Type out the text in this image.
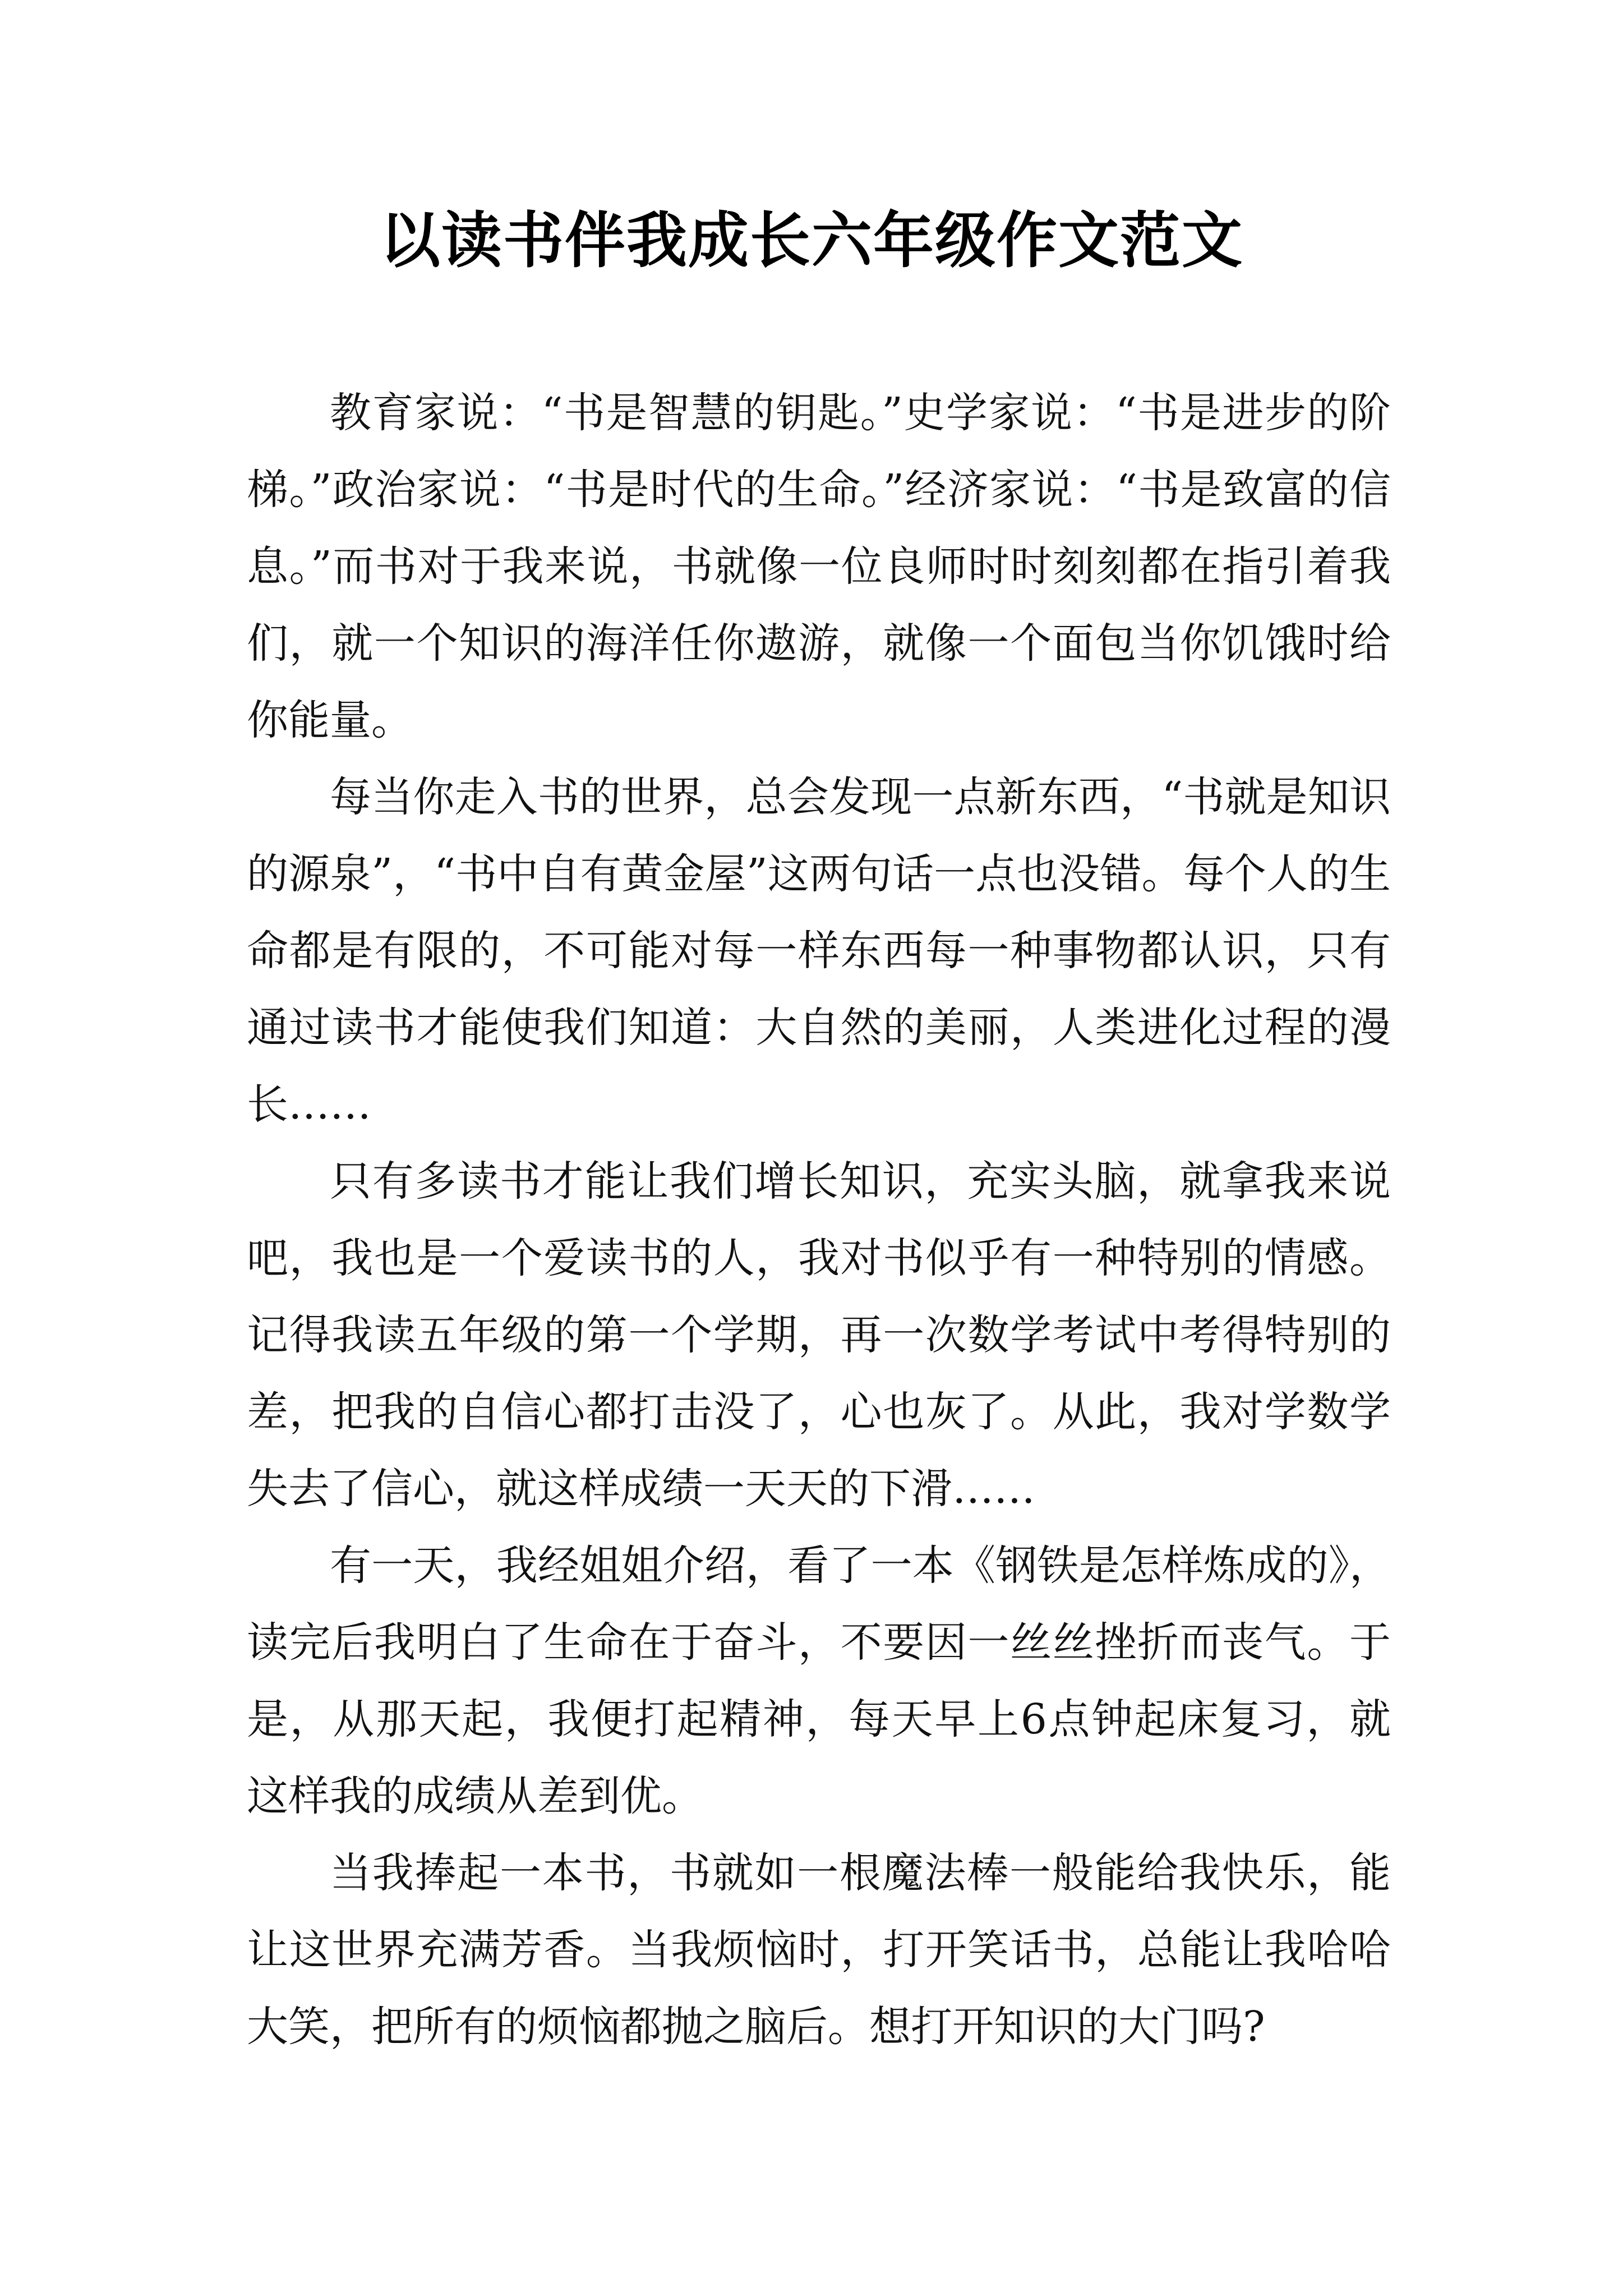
以读书伴我成长六年级作文范文

教育家说：“书是智慧的钥匙。”史学家说：“书是进步的阶梯。”政治家说：“书是时代的生命。”经济家说：“书是致富的信息。”而书对于我来说，书就像一位良师时时刻刻都在指引着我们，就一个知识的海洋任你遨游，就像一个面包当你饥饿时给你能量。

每当你走入书的世界，总会发现一点新东西，“书就是知识的源泉”，“书中自有黄金屋”这两句话一点也没错。每个人的生命都是有限的，不可能对每一样东西每一种事物都认识，只有通过读书才能使我们知道：大自然的美丽，人类进化过程的漫长……

只有多读书才能让我们增长知识，充实头脑，就拿我来说吧，我也是一个爱读书的人，我对书似乎有一种特别的情感。记得我读五年级的第一个学期，再一次数学考试中考得特别的差，把我的自信心都打击没了，心也灰了。从此，我对学数学失去了信心，就这样成绩一天天的下滑……

有一天，我经姐姐介绍，看了一本《钢铁是怎样炼成的》，读完后我明白了生命在于奋斗，不要因一丝丝挫折而丧气。于是，从那天起，我便打起精神，每天早上6点钟起床复习，就这样我的成绩从差到优。

当我捧起一本书，书就如一根魔法棒一般能给我快乐，能让这世界充满芳香。当我烦恼时，打开笑话书，总能让我哈哈大笑，把所有的烦恼都抛之脑后。想打开知识的大门吗?
